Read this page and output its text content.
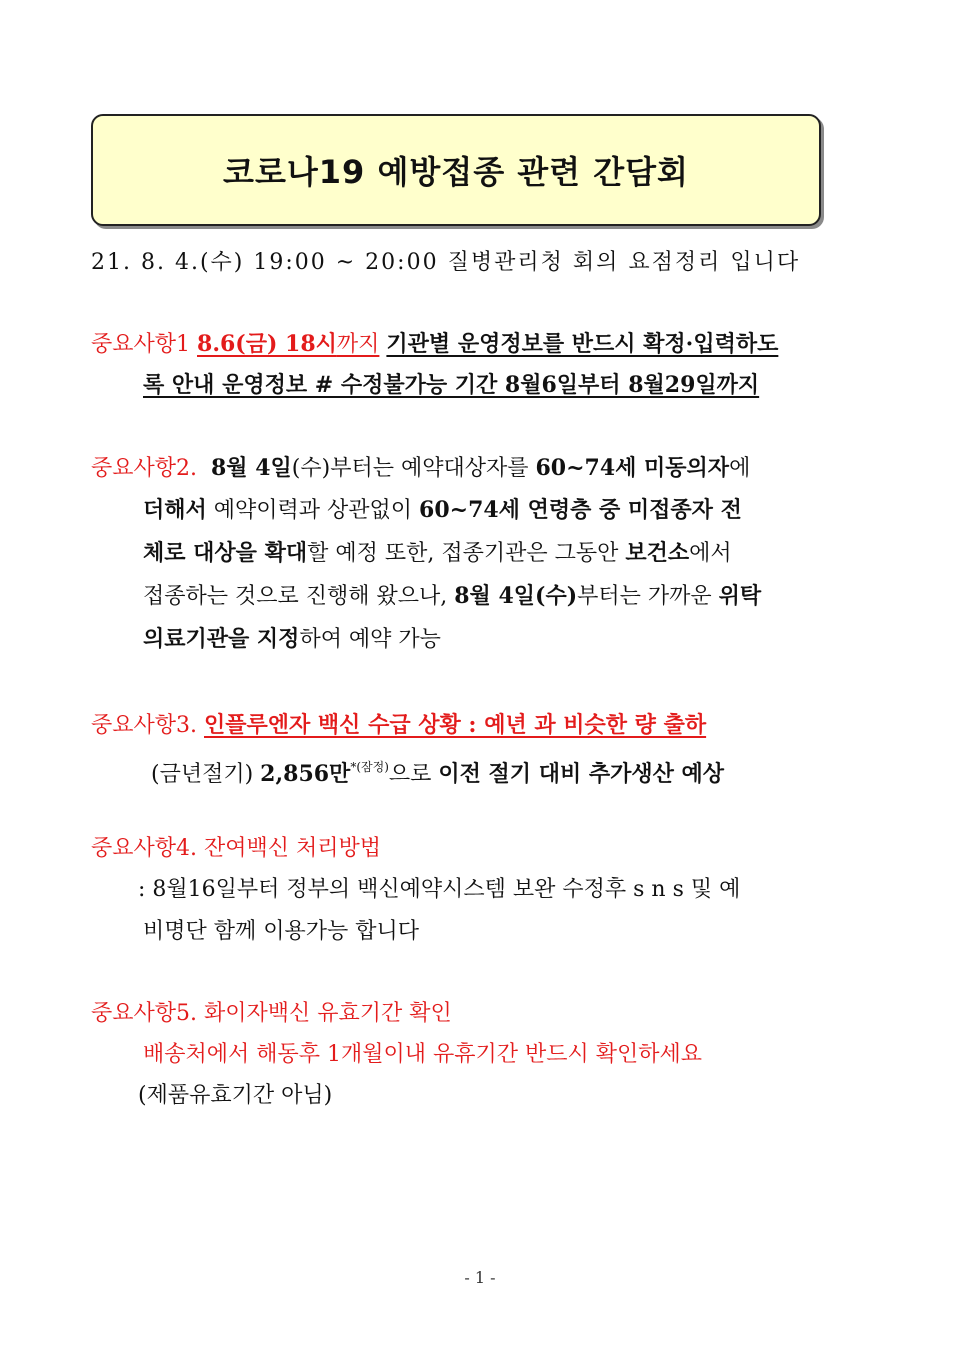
코로나19 예방접종 관련 간담회
21. 8. 4.(수) 19:00 ~ 20:00 질병관리청 회의 요점정리 입니다
중요사항1 8.6(금) 18시까지 기관별 운영정보를 반드시 확정·입력하도
록 안내 운영정보 # 수정불가능 기간 8월6일부터 8월29일까지
중요사항2. 8월 4일(수)부터는 예약대상자를 60~74세 미동의자에
더해서 예약이력과 상관없이 60~74세 연령층 중 미접종자 전
체로 대상을 확대할 예정 또한, 접종기관은 그동안 보건소에서
접종하는 것으로 진행해 왔으나, 8월 4일(수)부터는 가까운 위탁
의료기관을 지정하여 예약 가능
중요사항3. 인플루엔자 백신 수급 상황 : 예년 과 비슷한 량 출하
(금년절기) 2,856만$^{*(잠정)}$으로 이전 절기 대비 추가생산 예상
중요사항4. 잔여백신 처리방법
: 8월16일부터 정부의 백신예약시스템 보완 수정후 s n s 및 예
비명단 함께 이용가능 합니다
중요사항5. 화이자백신 유효기간 확인
배송처에서 해동후 1개월이내 유휴기간 반드시 확인하세요
(제품유효기간 아님)
- 1 -
